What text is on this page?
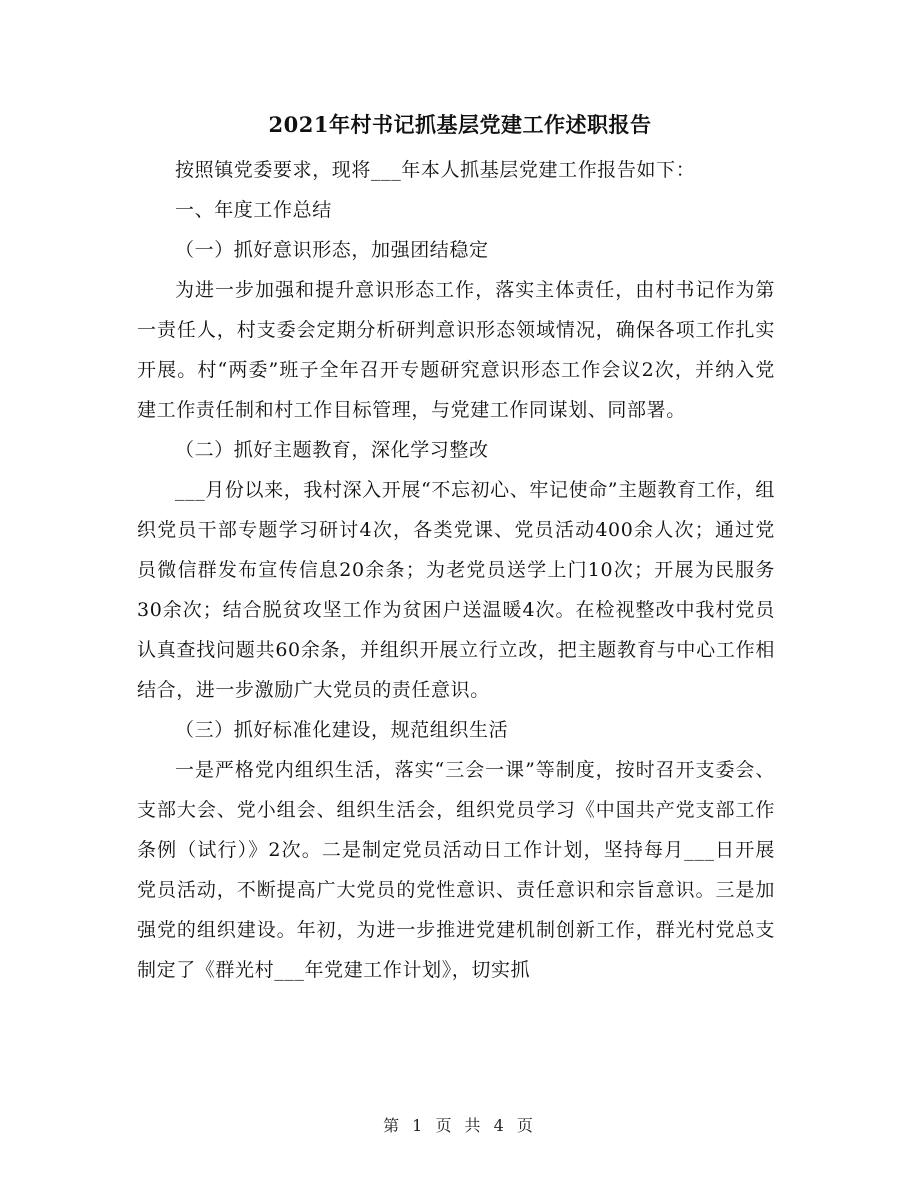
2021年村书记抓基层党建工作述职报告

按照镇党委要求，现将___年本人抓基层党建工作报告如下：

一、年度工作总结

（一）抓好意识形态，加强团结稳定

为进一步加强和提升意识形态工作，落实主体责任，由村书记作为第一责任人，村支委会定期分析研判意识形态领域情况，确保各项工作扎实开展。村“两委”班子全年召开专题研究意识形态工作会议2次，并纳入党建工作责任制和村工作目标管理，与党建工作同谋划、同部署。

（二）抓好主题教育，深化学习整改

___月份以来，我村深入开展“不忘初心、牢记使命”主题教育工作，组织党员干部专题学习研讨4次，各类党课、党员活动400余人次；通过党员微信群发布宣传信息20余条；为老党员送学上门10次；开展为民服务30余次；结合脱贫攻坚工作为贫困户送温暖4次。在检视整改中我村党员认真查找问题共60余条，并组织开展立行立改，把主题教育与中心工作相结合，进一步激励广大党员的责任意识。

（三）抓好标准化建设，规范组织生活

一是严格党内组织生活，落实“三会一课”等制度，按时召开支委会、支部大会、党小组会、组织生活会，组织党员学习《中国共产党支部工作条例（试行）》2次。二是制定党员活动日工作计划，坚持每月___日开展党员活动，不断提高广大党员的党性意识、责任意识和宗旨意识。三是加强党的组织建设。年初，为进一步推进党建机制创新工作，群光村党总支制定了《群光村___年党建工作计划》，切实抓

第 1 页 共 4 页
